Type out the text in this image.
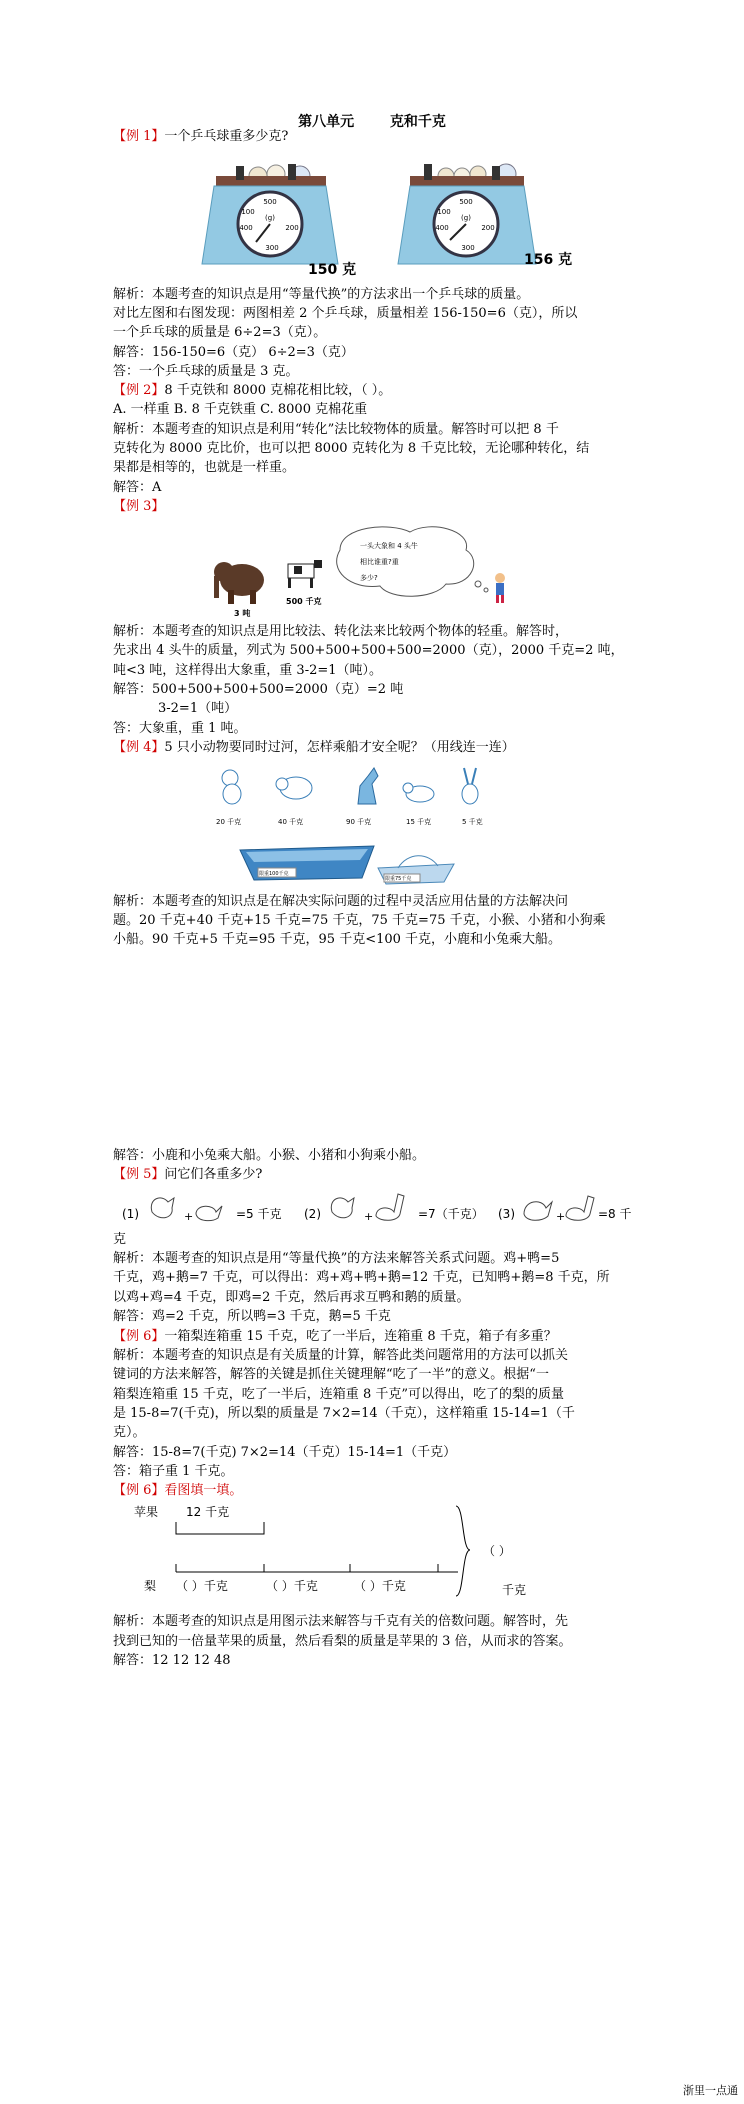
第八单元	克和千克
【例 1】一个乒乓球重多少克?
500
100
400	200
300
(g)
150 克
500
100
400	200
300
(g)
156 克
解析：本题考查的知识点是用“等量代换”的方法求出一个乒乓球的质量。
对比左图和右图发现：两图相差 2 个乒乓球，质量相差 156-150=6（克），所以
一个乒乓球的质量是 6÷2=3（克）。
解答：156-150=6（克） 6÷2=3（克）
答：一个乒乓球的质量是 3 克。
【例 2】8 千克铁和 8000 克棉花相比较，（ ）。
A. 一样重 B. 8 千克铁重 C. 8000 克棉花重
解析：本题考查的知识点是利用“转化”法比较物体的质量。解答时可以把 8 千
克转化为 8000 克比价，也可以把 8000 克转化为 8 千克比较，无论哪种转化，结
果都是相等的，也就是一样重。
解答：A
【例 3】
3 吨
500 千克
一头大象和 4 头牛
相比谁重?重
多少?
解析：本题考查的知识点是用比较法、转化法来比较两个物体的轻重。解答时，
先求出 4 头牛的质量，列式为 500+500+500+500=2000（克），2000 千克=2 吨，
吨<3 吨，这样得出大象重，重 3-2=1（吨）。
解答：500+500+500+500=2000（克）=2 吨
3-2=1（吨）
答：大象重，重 1 吨。
【例 4】5 只小动物要同时过河，怎样乘船才安全呢？（用线连一连）
20 千克	40 千克	90 千克	15 千克	5 千克
限重100千克
限重75千克
解析：本题考查的知识点是在解决实际问题的过程中灵活应用估量的方法解决问
题。20 千克+40 千克+15 千克=75 千克，75 千克=75 千克，小猴、小猪和小狗乘
小船。90 千克+5 千克=95 千克，95 千克<100 千克，小鹿和小兔乘大船。
解答：小鹿和小兔乘大船。小猴、小猪和小狗乘小船。
【例 5】问它们各重多少?
(1)	+	=5 千克 (2)	+	=7（千克） (3)	+	=8 千
克
解析：本题考查的知识点是用“等量代换”的方法来解答关系式问题。鸡+鸭=5
千克，鸡+鹅=7 千克，可以得出：鸡+鸡+鸭+鹅=12 千克，已知鸭+鹅=8 千克，所
以鸡+鸡=4 千克，即鸡=2 千克，然后再求互鸭和鹅的质量。
解答：鸡=2 千克，所以鸭=3 千克，鹅=5 千克
【例 6】一箱梨连箱重 15 千克，吃了一半后，连箱重 8 千克，箱子有多重？
解析：本题考查的知识点是有关质量的计算，解答此类问题常用的方法可以抓关
键词的方法来解答，解答的关键是抓住关键理解“吃了一半”的意义。根据“一
箱梨连箱重 15 千克，吃了一半后，连箱重 8 千克”可以得出，吃了的梨的质量
是 15-8=7(千克)，所以梨的质量是 7×2=14（千克），这样箱重 15-14=1（千
克）。
解答：15-8=7(千克) 7×2=14（千克）15-14=1（千克）
答：箱子重 1 千克。
【例 6】看图填一填。
苹果 12 千克
（ ）
梨 （ ）千克	（ ）千克	（ ）千克	千克
解析：本题考查的知识点是用图示法来解答与千克有关的倍数问题。解答时，先
找到已知的一倍量苹果的质量，然后看梨的质量是苹果的 3 倍，从而求的答案。
解答：12 12 12 48
浙里一点通
